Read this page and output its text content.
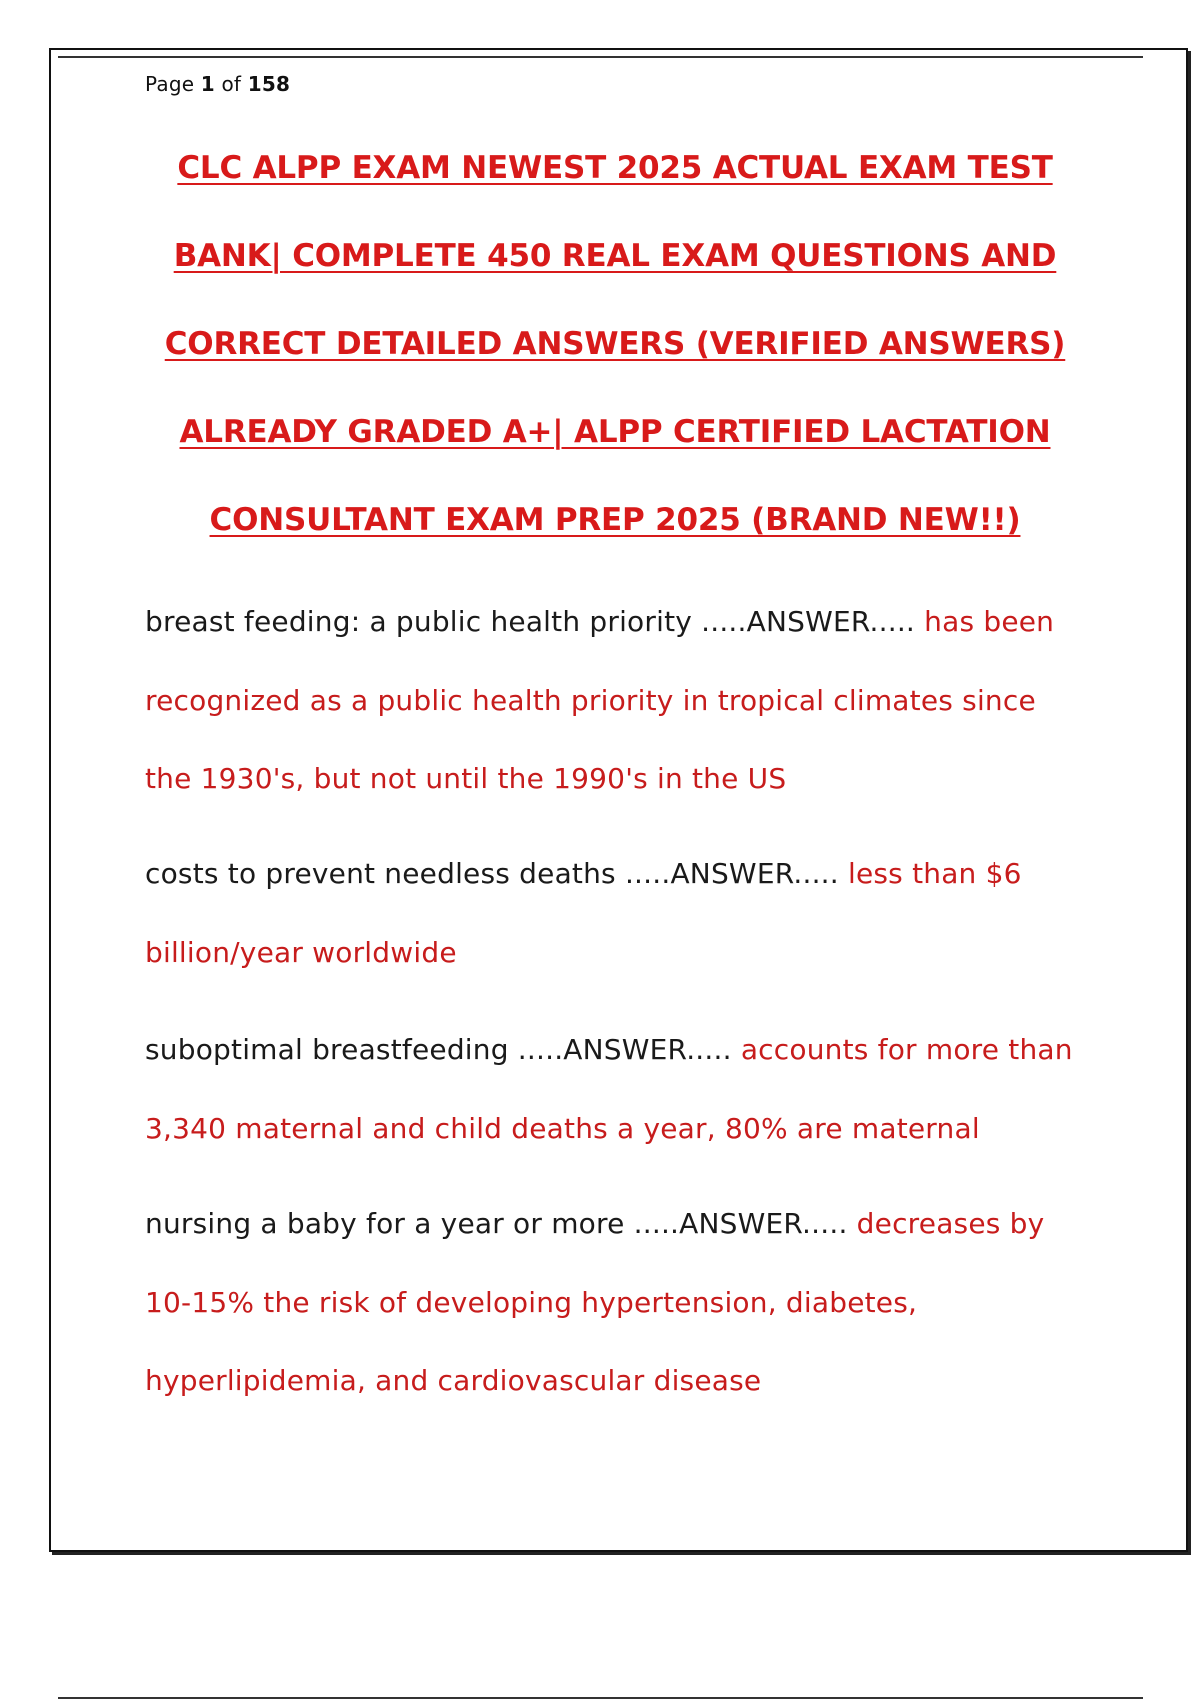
Page 1 of 158
CLC ALPP EXAM NEWEST 2025 ACTUAL EXAM TEST
BANK| COMPLETE 450 REAL EXAM QUESTIONS AND
CORRECT DETAILED ANSWERS (VERIFIED ANSWERS)
ALREADY GRADED A+| ALPP CERTIFIED LACTATION
CONSULTANT EXAM PREP 2025 (BRAND NEW!!)
breast feeding: a public health priority .....ANSWER..... has been recognized as a public health priority in tropical climates since the 1930's, but not until the 1990's in the US
costs to prevent needless deaths .....ANSWER..... less than $6 billion/year worldwide
suboptimal breastfeeding .....ANSWER..... accounts for more than 3,340 maternal and child deaths a year, 80% are maternal
nursing a baby for a year or more .....ANSWER..... decreases by 10-15% the risk of developing hypertension, diabetes, hyperlipidemia, and cardiovascular disease
